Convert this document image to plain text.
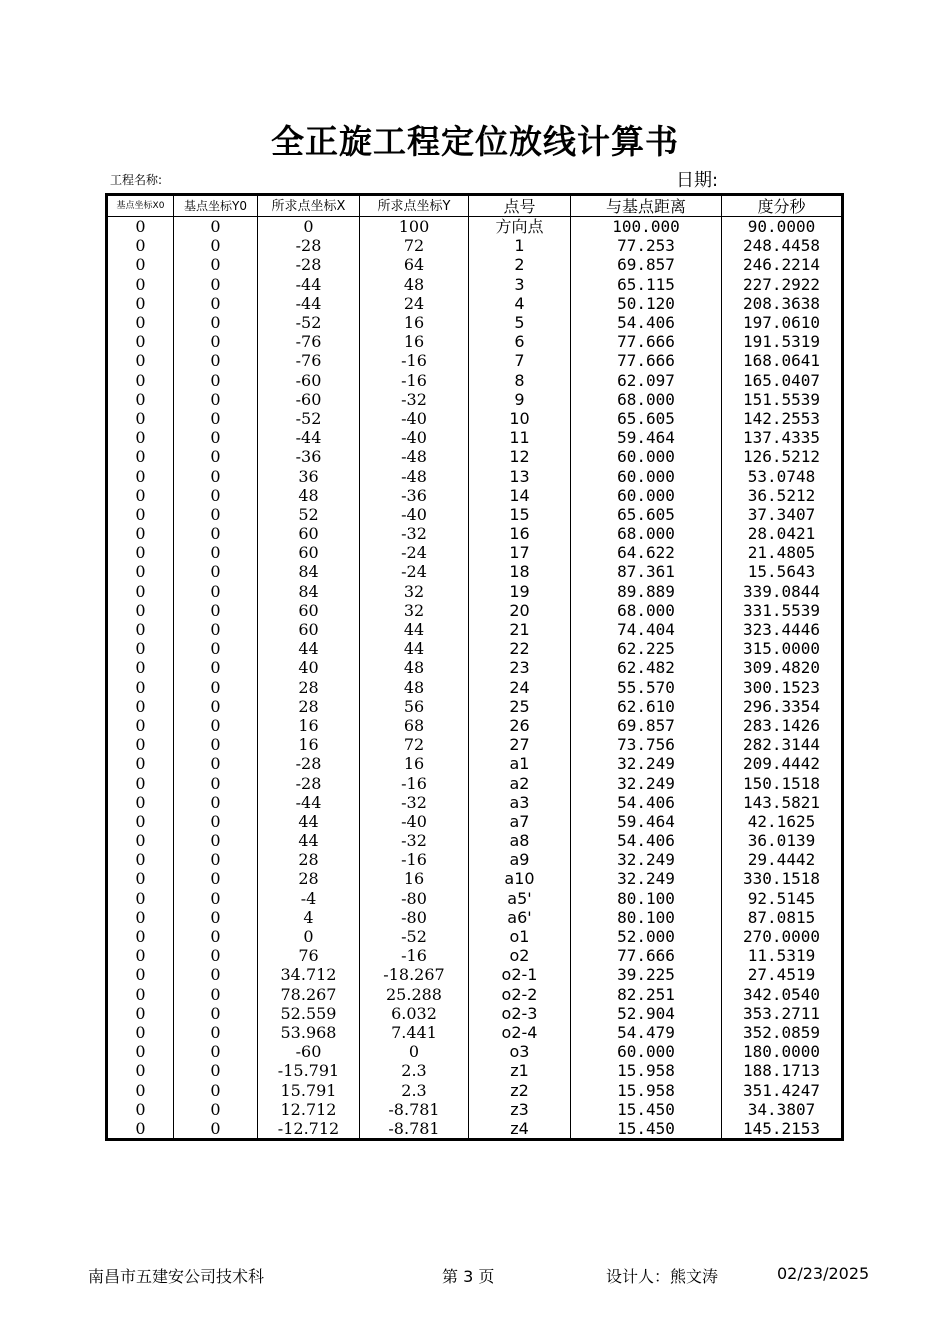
全正旋工程定位放线计算书
工程名称:	日期:
基点坐标X0	基点坐标Y0	所求点坐标X	所求点坐标Y	点号	与基点距离	度分秒
0	0	0	100	方向点	100.000	90.0000
0	0	-28	72	1	77.253	248.4458
0	0	-28	64	2	69.857	246.2214
0	0	-44	48	3	65.115	227.2922
0	0	-44	24	4	50.120	208.3638
0	0	-52	16	5	54.406	197.0610
0	0	-76	16	6	77.666	191.5319
0	0	-76	-16	7	77.666	168.0641
0	0	-60	-16	8	62.097	165.0407
0	0	-60	-32	9	68.000	151.5539
0	0	-52	-40	10	65.605	142.2553
0	0	-44	-40	11	59.464	137.4335
0	0	-36	-48	12	60.000	126.5212
0	0	36	-48	13	60.000	53.0748
0	0	48	-36	14	60.000	36.5212
0	0	52	-40	15	65.605	37.3407
0	0	60	-32	16	68.000	28.0421
0	0	60	-24	17	64.622	21.4805
0	0	84	-24	18	87.361	15.5643
0	0	84	32	19	89.889	339.0844
0	0	60	32	20	68.000	331.5539
0	0	60	44	21	74.404	323.4446
0	0	44	44	22	62.225	315.0000
0	0	40	48	23	62.482	309.4820
0	0	28	48	24	55.570	300.1523
0	0	28	56	25	62.610	296.3354
0	0	16	68	26	69.857	283.1426
0	0	16	72	27	73.756	282.3144
0	0	-28	16	a1	32.249	209.4442
0	0	-28	-16	a2	32.249	150.1518
0	0	-44	-32	a3	54.406	143.5821
0	0	44	-40	a7	59.464	42.1625
0	0	44	-32	a8	54.406	36.0139
0	0	28	-16	a9	32.249	29.4442
0	0	28	16	a10	32.249	330.1518
0	0	-4	-80	a5'	80.100	92.5145
0	0	4	-80	a6'	80.100	87.0815
0	0	0	-52	o1	52.000	270.0000
0	0	76	-16	o2	77.666	11.5319
0	0	34.712	-18.267	o2-1	39.225	27.4519
0	0	78.267	25.288	o2-2	82.251	342.0540
0	0	52.559	6.032	o2-3	52.904	353.2711
0	0	53.968	7.441	o2-4	54.479	352.0859
0	0	-60	0	o3	60.000	180.0000
0	0	-15.791	2.3	z1	15.958	188.1713
0	0	15.791	2.3	z2	15.958	351.4247
0	0	12.712	-8.781	z3	15.450	34.3807
0	0	-12.712	-8.781	z4	15.450	145.2153
南昌市五建安公司技术科	第 3 页	设计人：熊文涛	02/23/2025
